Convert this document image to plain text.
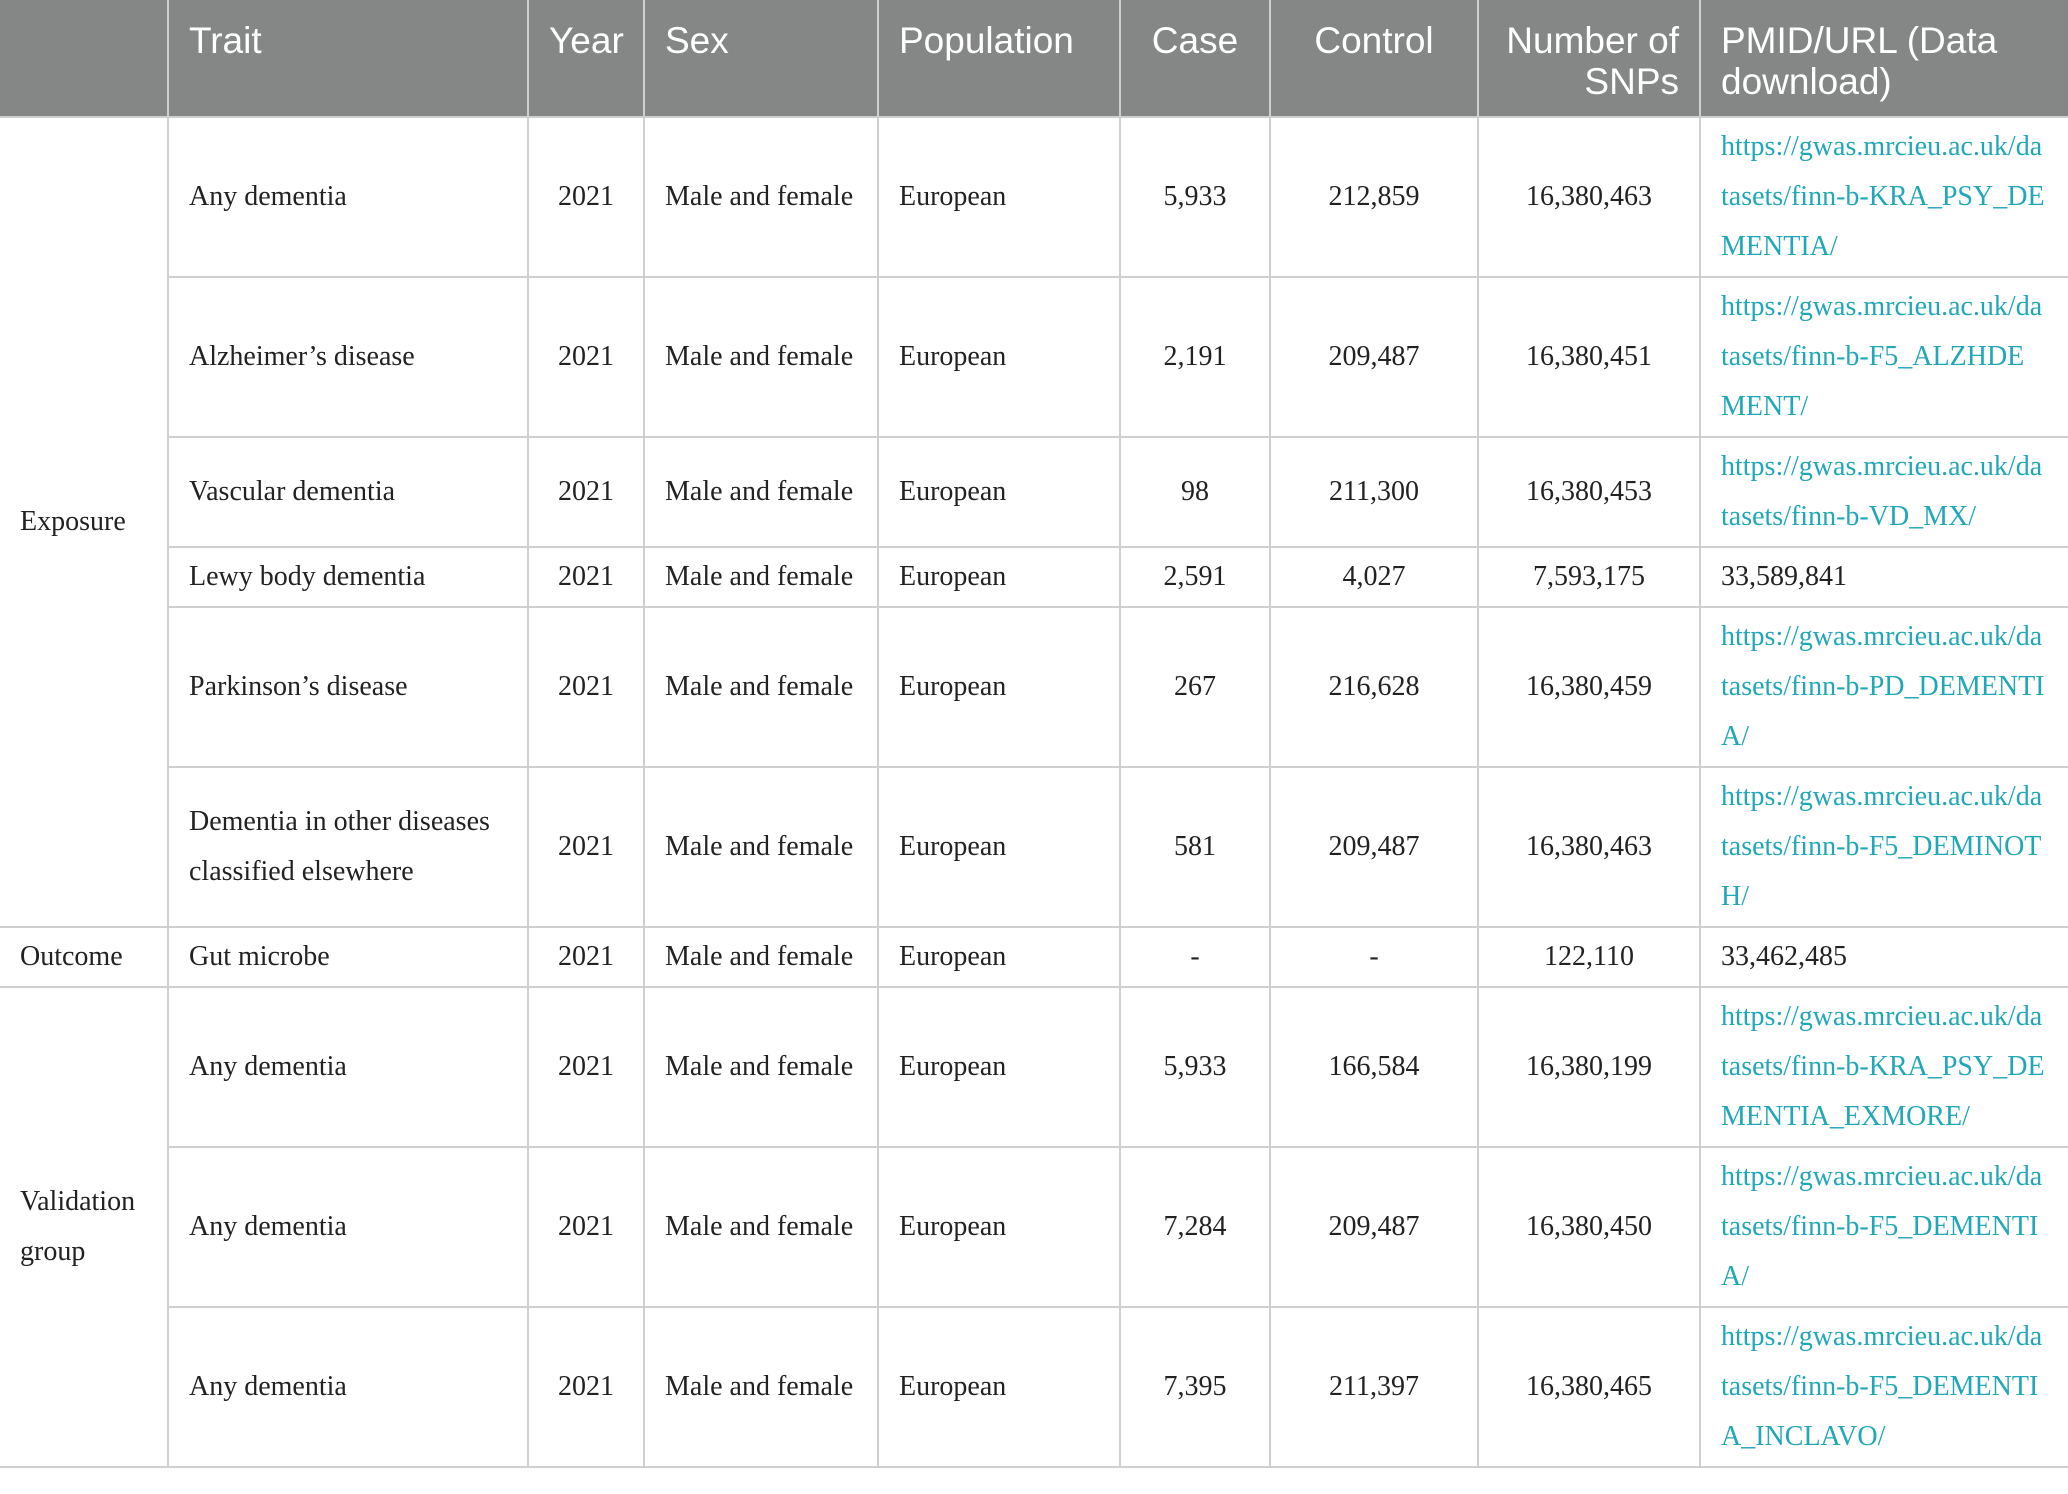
	Trait	Year	Sex	Population	Case	Control	Number of SNPs	PMID/URL (Data download)
Exposure	Any dementia	2021	Male and female	European	5,933	212,859	16,380,463	https://gwas.mrcieu.ac.uk/datasets/finn-b-KRA_PSY_DEMENTIA/
	Alzheimer’s disease	2021	Male and female	European	2,191	209,487	16,380,451	https://gwas.mrcieu.ac.uk/datasets/finn-b-F5_ALZHDEMENT/
	Vascular dementia	2021	Male and female	European	98	211,300	16,380,453	https://gwas.mrcieu.ac.uk/datasets/finn-b-VD_MX/
	Lewy body dementia	2021	Male and female	European	2,591	4,027	7,593,175	33,589,841
	Parkinson’s disease	2021	Male and female	European	267	216,628	16,380,459	https://gwas.mrcieu.ac.uk/datasets/finn-b-PD_DEMENTIA/
	Dementia in other diseases classified elsewhere	2021	Male and female	European	581	209,487	16,380,463	https://gwas.mrcieu.ac.uk/datasets/finn-b-F5_DEMINOTH/
Outcome	Gut microbe	2021	Male and female	European	-	-	122,110	33,462,485
Validation group	Any dementia	2021	Male and female	European	5,933	166,584	16,380,199	https://gwas.mrcieu.ac.uk/datasets/finn-b-KRA_PSY_DEMENTIA_EXMORE/
	Any dementia	2021	Male and female	European	7,284	209,487	16,380,450	https://gwas.mrcieu.ac.uk/datasets/finn-b-F5_DEMENTIA/
	Any dementia	2021	Male and female	European	7,395	211,397	16,380,465	https://gwas.mrcieu.ac.uk/datasets/finn-b-F5_DEMENTIA_INCLAVO/
